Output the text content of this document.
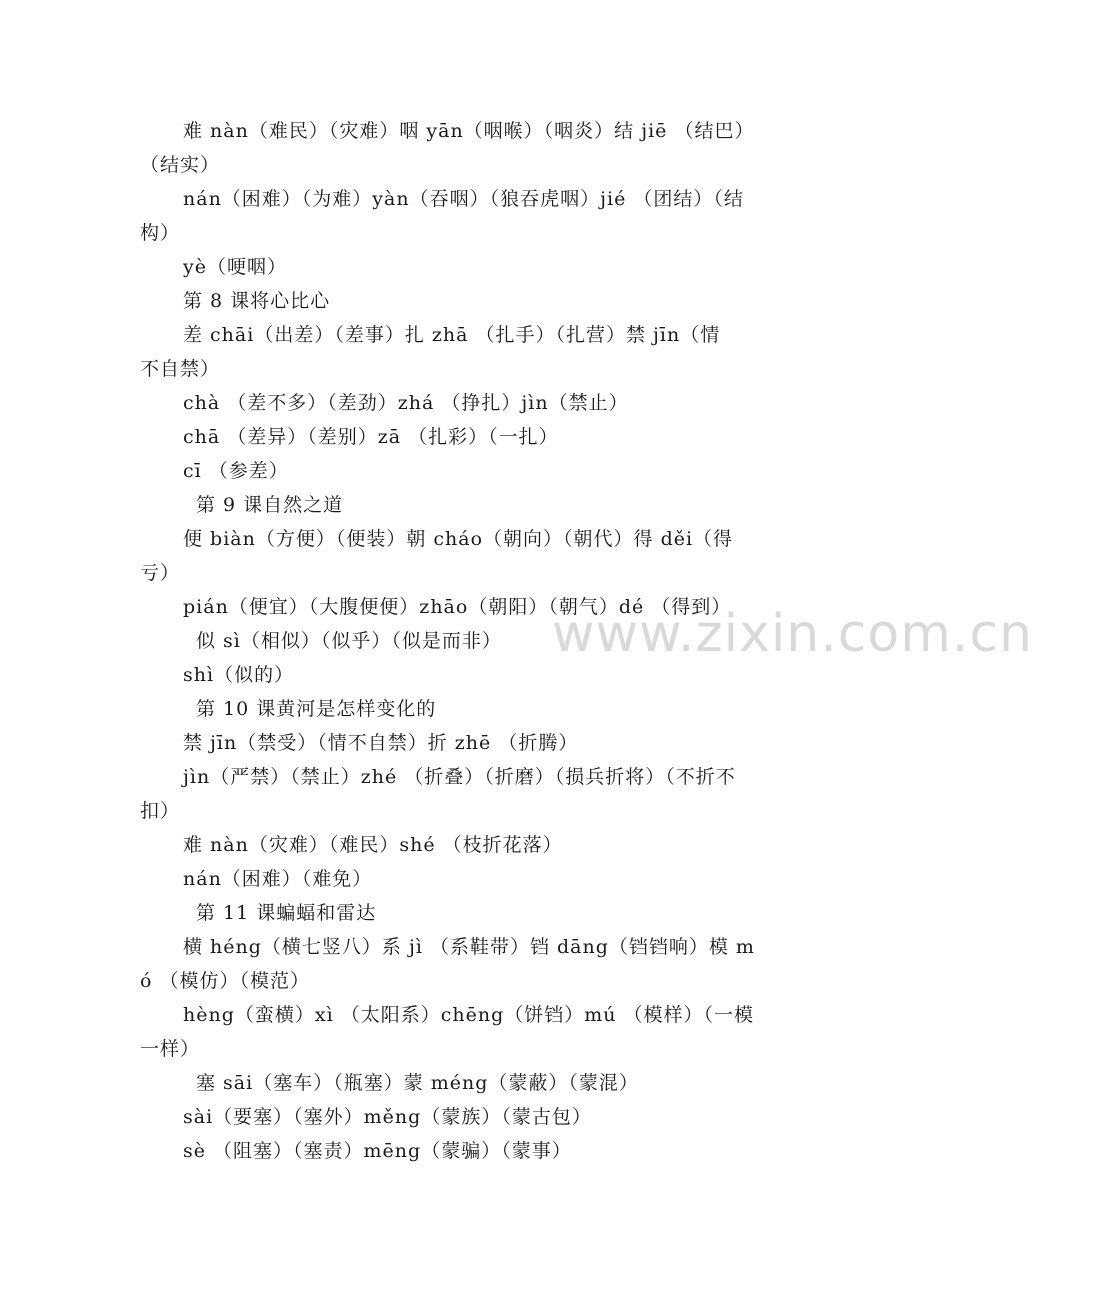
www.zixin.com.cn
难 nàn（难民）（灾难）咽 yān（咽喉）（咽炎）结 jiē （结巴）
（结实）
nán（困难）（为难）yàn（吞咽）（狼吞虎咽）jié （团结）（结
构）
yè（哽咽）
第 8 课将心比心
差 chāi（出差）（差事）扎 zhā （扎手）（扎营）禁 jīn（情
不自禁）
chà （差不多）（差劲）zhá （挣扎）jìn（禁止）
chā （差异）（差别）zā （扎彩）（一扎）
cī （参差）
第 9 课自然之道
便 biàn（方便）（便装）朝 cháo（朝向）（朝代）得 děi（得
亏）
pián（便宜）（大腹便便）zhāo（朝阳）（朝气）dé （得到）
似 sì（相似）（似乎）（似是而非）
shì（似的）
第 10 课黄河是怎样变化的
禁 jīn（禁受）（情不自禁）折 zhē （折腾）
jìn（严禁）（禁止）zhé （折叠）（折磨）（损兵折将）（不折不
扣）
难 nàn（灾难）（难民）shé （枝折花落）
nán（困难）（难免）
第 11 课蝙蝠和雷达
横 héng（横七竖八）系 jì （系鞋带）铛 dāng（铛铛响）模 m
ó （模仿）（模范）
hèng（蛮横）xì （太阳系）chēng（饼铛）mú （模样）（一模
一样）
塞 sāi（塞车）（瓶塞）蒙 méng（蒙蔽）（蒙混）
sài（要塞）（塞外）měng（蒙族）（蒙古包）
sè （阻塞）（塞责）mēng（蒙骗）（蒙事）
